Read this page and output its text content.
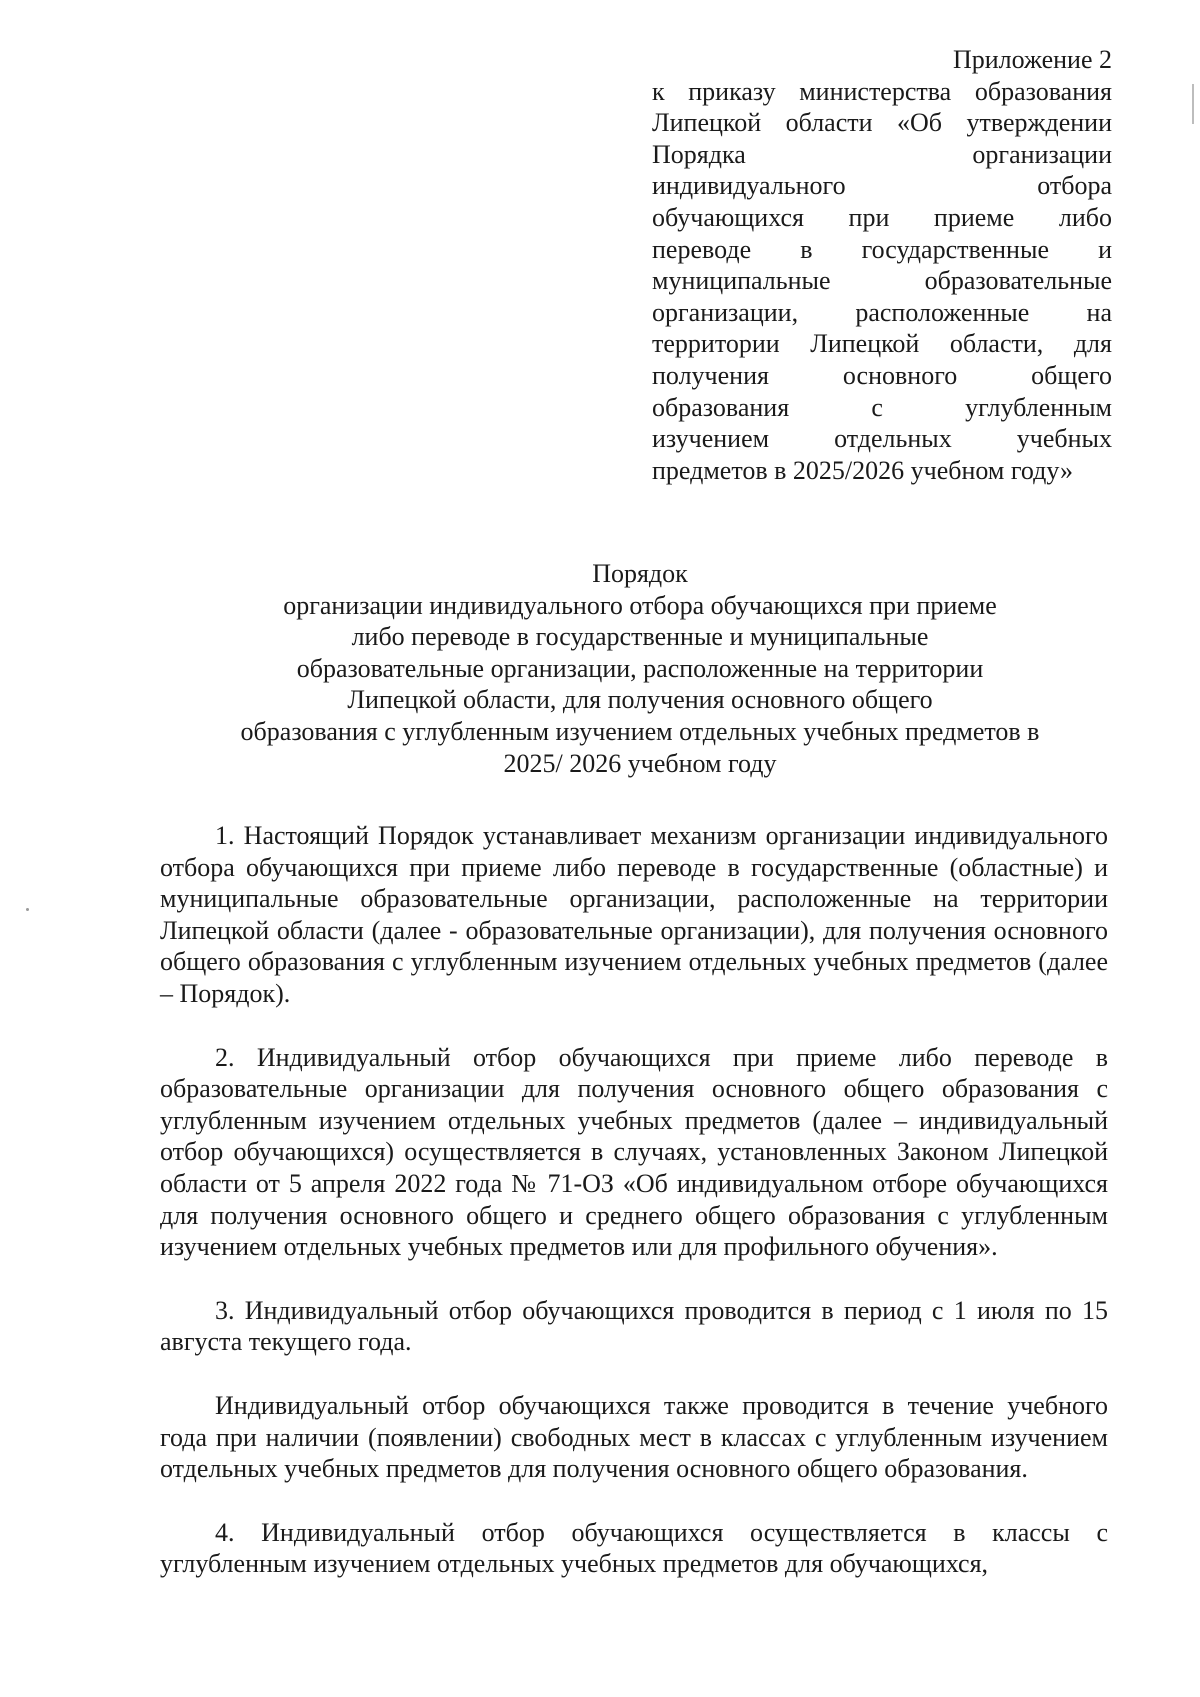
Приложение 2
к приказу министерства образования
Липецкой области «Об утверждении
Порядка организации
индивидуального отбора
обучающихся при приеме либо
переводе в государственные и
муниципальные образовательные
организации, расположенные на
территории Липецкой области, для
получения основного общего
образования с углубленным
изучением отдельных учебных
предметов в 2025/2026 учебном году»
Порядок
организации индивидуального отбора обучающихся при приеме
либо переводе в государственные и муниципальные
образовательные организации, расположенные на территории
Липецкой области, для получения основного общего
образования с углубленным изучением отдельных учебных предметов в
2025/ 2026 учебном году

1. Настоящий Порядок устанавливает механизм организации индивидуального отбора обучающихся при приеме либо переводе в государственные (областные) и муниципальные образовательные организации, расположенные на территории Липецкой области (далее - образовательные организации), для получения основного общего образования с углубленным изучением отдельных учебных предметов (далее – Порядок).

2. Индивидуальный отбор обучающихся при приеме либо переводе в образовательные организации для получения основного общего образования с углубленным изучением отдельных учебных предметов (далее – индивидуальный отбор обучающихся) осуществляется в случаях, установленных Законом Липецкой области от 5 апреля 2022 года № 71-ОЗ «Об индивидуальном отборе обучающихся для получения основного общего и среднего общего образования с углубленным изучением отдельных учебных предметов или для профильного обучения».

3. Индивидуальный отбор обучающихся проводится в период с 1 июля по 15 августа текущего года.

Индивидуальный отбор обучающихся также проводится в течение учебного года при наличии (появлении) свободных мест в классах с углубленным изучением отдельных учебных предметов для получения основного общего образования.

4. Индивидуальный отбор обучающихся осуществляется в классы с углубленным изучением отдельных учебных предметов для обучающихся,
